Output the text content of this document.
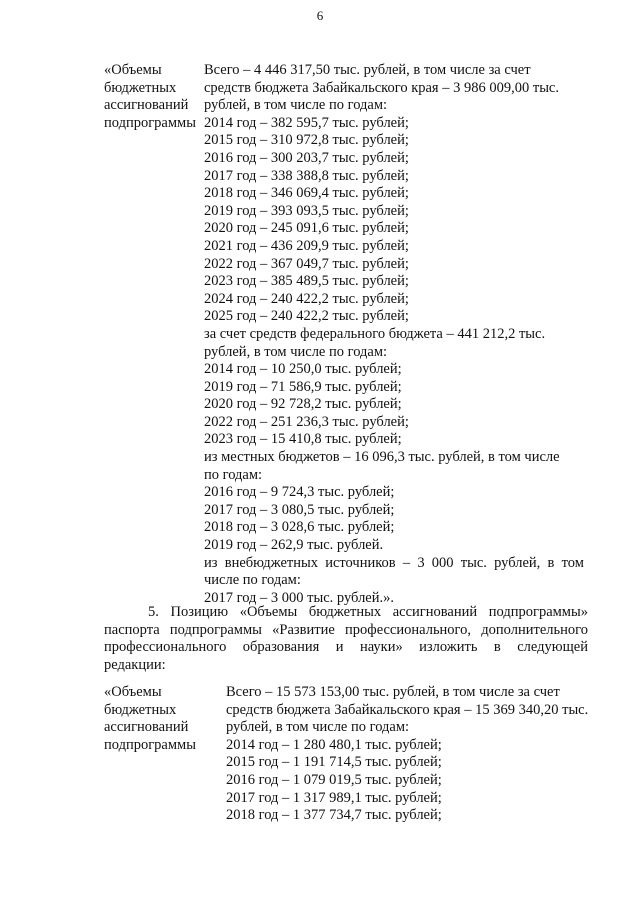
6
«Объемы
бюджетных
ассигнований
подпрограммы
Всего – 4 446 317,50 тыс. рублей, в том числе за счет
средств бюджета Забайкальского края – 3 986 009,00 тыс.
рублей, в том числе по годам:
2014 год – 382 595,7 тыс. рублей;
2015 год – 310 972,8 тыс. рублей;
2016 год – 300 203,7 тыс. рублей;
2017 год – 338 388,8 тыс. рублей;
2018 год – 346 069,4 тыс. рублей;
2019 год – 393 093,5 тыс. рублей;
2020 год – 245 091,6 тыс. рублей;
2021 год – 436 209,9 тыс. рублей;
2022 год – 367 049,7 тыс. рублей;
2023 год – 385 489,5 тыс. рублей;
2024 год – 240 422,2 тыс. рублей;
2025 год – 240 422,2 тыс. рублей;
за счет средств федерального бюджета – 441 212,2 тыс.
рублей, в том числе по годам:
2014 год – 10 250,0 тыс. рублей;
2019 год – 71 586,9 тыс. рублей;
2020 год – 92 728,2 тыс. рублей;
2022 год – 251 236,3 тыс. рублей;
2023 год – 15 410,8 тыс. рублей;
из местных бюджетов – 16 096,3 тыс. рублей, в том числе
по годам:
2016 год – 9 724,3 тыс. рублей;
2017 год – 3 080,5 тыс. рублей;
2018 год – 3 028,6 тыс. рублей;
2019 год – 262,9 тыс. рублей.
из внебюджетных источников – 3 000 тыс. рублей, в том
числе по годам:
2017 год – 3 000 тыс. рублей.».
5. Позицию «Объемы бюджетных ассигнований подпрограммы»
паспорта подпрограммы «Развитие профессионального, дополнительного
профессионального образования и науки» изложить в следующей
редакции:
«Объемы
бюджетных
ассигнований
подпрограммы
Всего – 15 573 153,00 тыс. рублей, в том числе за счет
средств бюджета Забайкальского края – 15 369 340,20 тыс.
рублей, в том числе по годам:
2014 год – 1 280 480,1 тыс. рублей;
2015 год – 1 191 714,5 тыс. рублей;
2016 год – 1 079 019,5 тыс. рублей;
2017 год – 1 317 989,1 тыс. рублей;
2018 год – 1 377 734,7 тыс. рублей;
